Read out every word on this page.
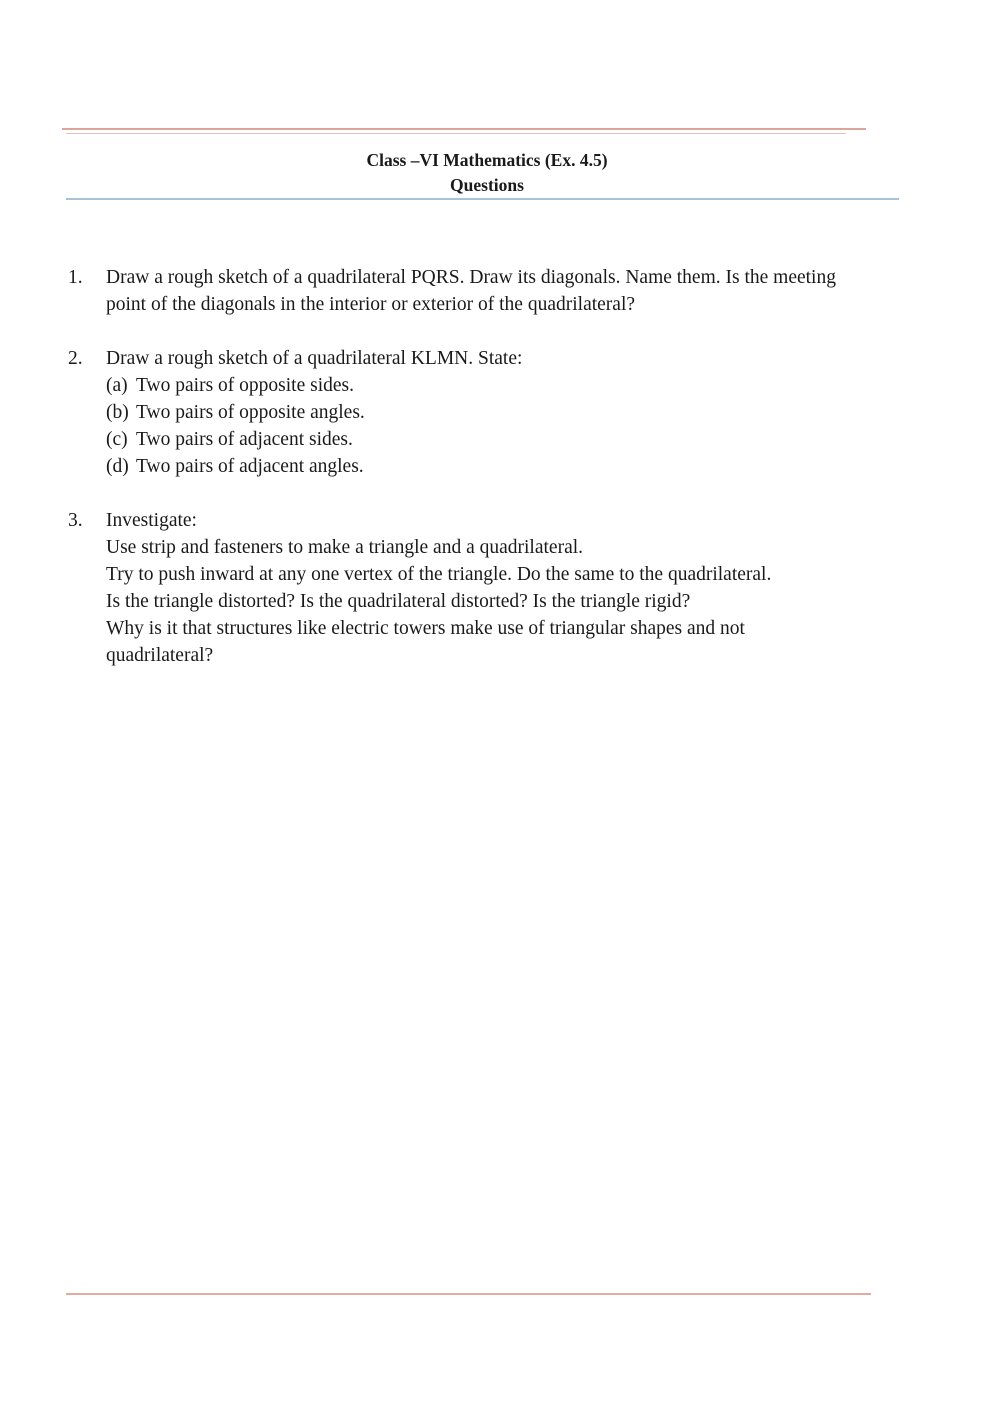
Class –VI Mathematics (Ex. 4.5)
Questions
1. Draw a rough sketch of a quadrilateral PQRS. Draw its diagonals. Name them. Is the meeting
point of the diagonals in the interior or exterior of the quadrilateral?
2. Draw a rough sketch of a quadrilateral KLMN. State:
(a) Two pairs of opposite sides.
(b) Two pairs of opposite angles.
(c) Two pairs of adjacent sides.
(d) Two pairs of adjacent angles.
3. Investigate:
Use strip and fasteners to make a triangle and a quadrilateral.
Try to push inward at any one vertex of the triangle. Do the same to the quadrilateral.
Is the triangle distorted? Is the quadrilateral distorted? Is the triangle rigid?
Why is it that structures like electric towers make use of triangular shapes and not
quadrilateral?
